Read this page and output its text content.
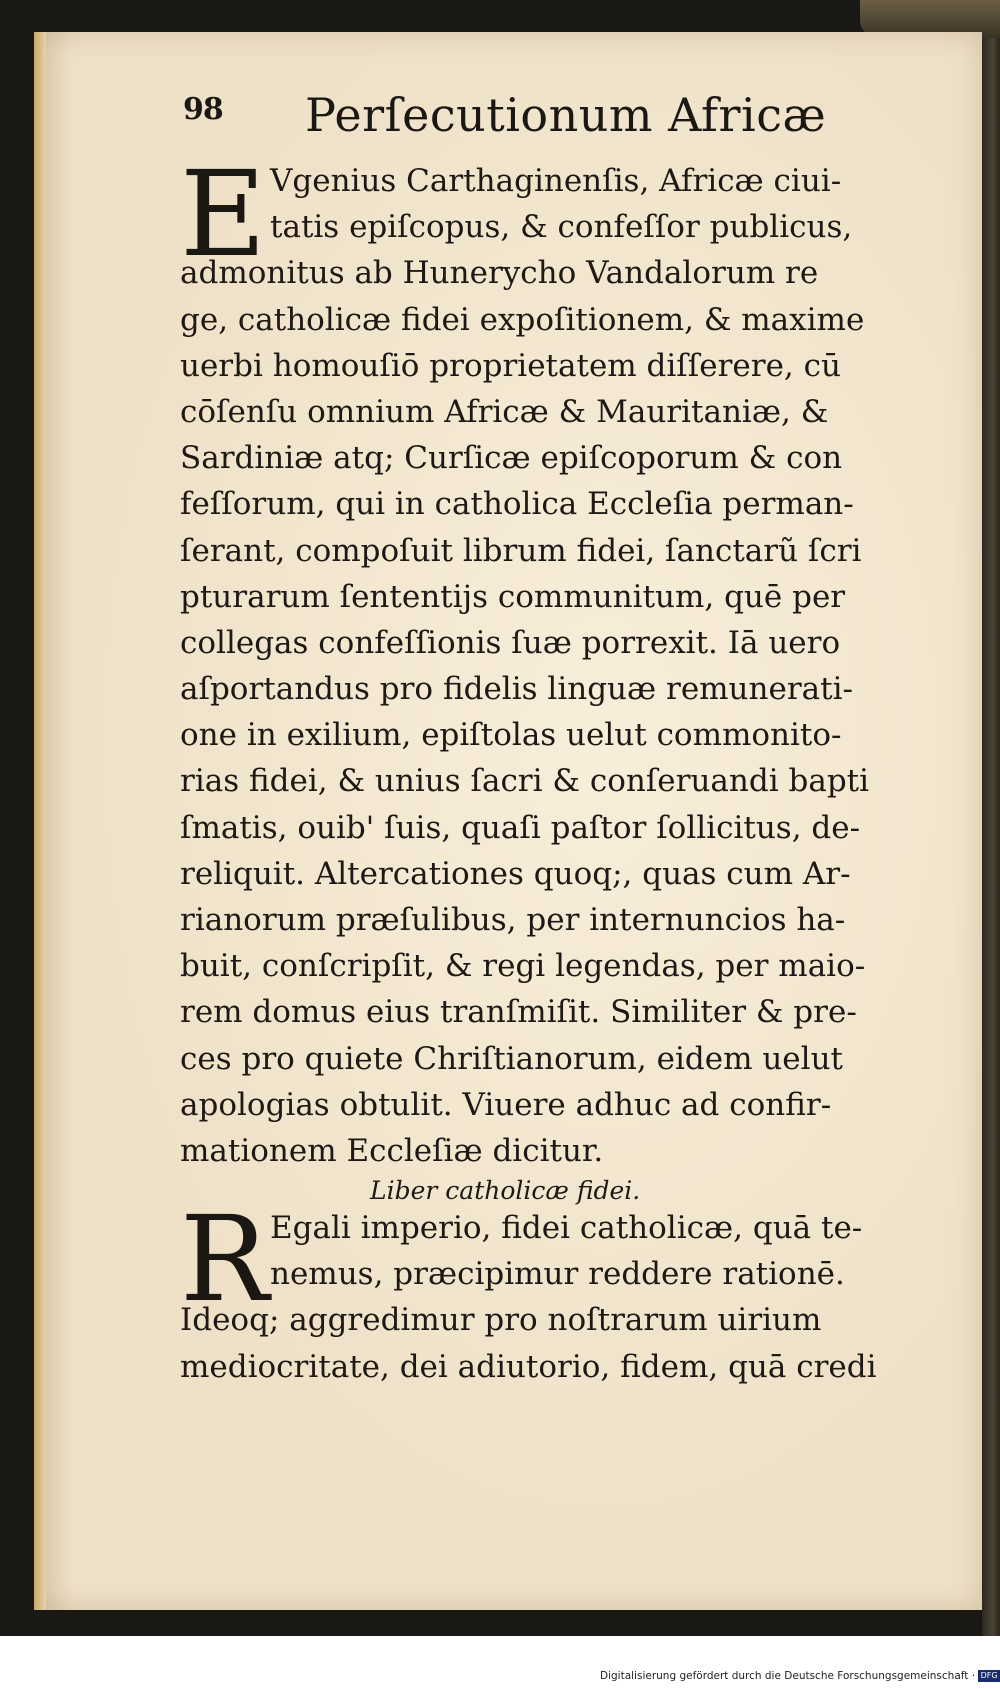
98 Perſecutionum Africæ
E Vgenius Carthaginenſis, Africæ ciui-
tatis epiſcopus, & confeſſor publicus,
admonitus ab Hunerycho Vandalorum re
ge, catholicæ fidei expoſitionem, & maxime
uerbi homouſiō proprietatem diſſerere, cū
cōſenſu omnium Africæ & Mauritaniæ, &
Sardiniæ atq; Curſicæ epiſcoporum & con
feſſorum, qui in catholica Eccleſia perman-
ſerant, compoſuit librum fidei, ſanctarũ ſcri
pturarum ſententijs communitum, quē per
collegas confeſſionis ſuæ porrexit. Iā uero
aſportandus pro fidelis linguæ remunerati-
one in exilium, epiſtolas uelut commonito-
rias fidei, & unius ſacri & conſeruandi bapti
ſmatis, ouib' ſuis, quaſi paſtor ſollicitus, de-
reliquit. Altercationes quoq;, quas cum Ar-
rianorum præſulibus, per internuncios ha-
buit, conſcripſit, & regi legendas, per maio-
rem domus eius tranſmiſit. Similiter & pre-
ces pro quiete Chriſtianorum, eidem uelut
apologias obtulit. Viuere adhuc ad confir-
mationem Eccleſiæ dicitur.
Liber catholicæ fidei.
R Egali imperio, fidei catholicæ, quā te-
nemus, præcipimur reddere rationē.
Ideoq; aggredimur pro noſtrarum uirium
mediocritate, dei adiutorio, fidem, quā credi
Digitalisierung gefördert durch die Deutsche Forschungsgemeinschaft · DFG
